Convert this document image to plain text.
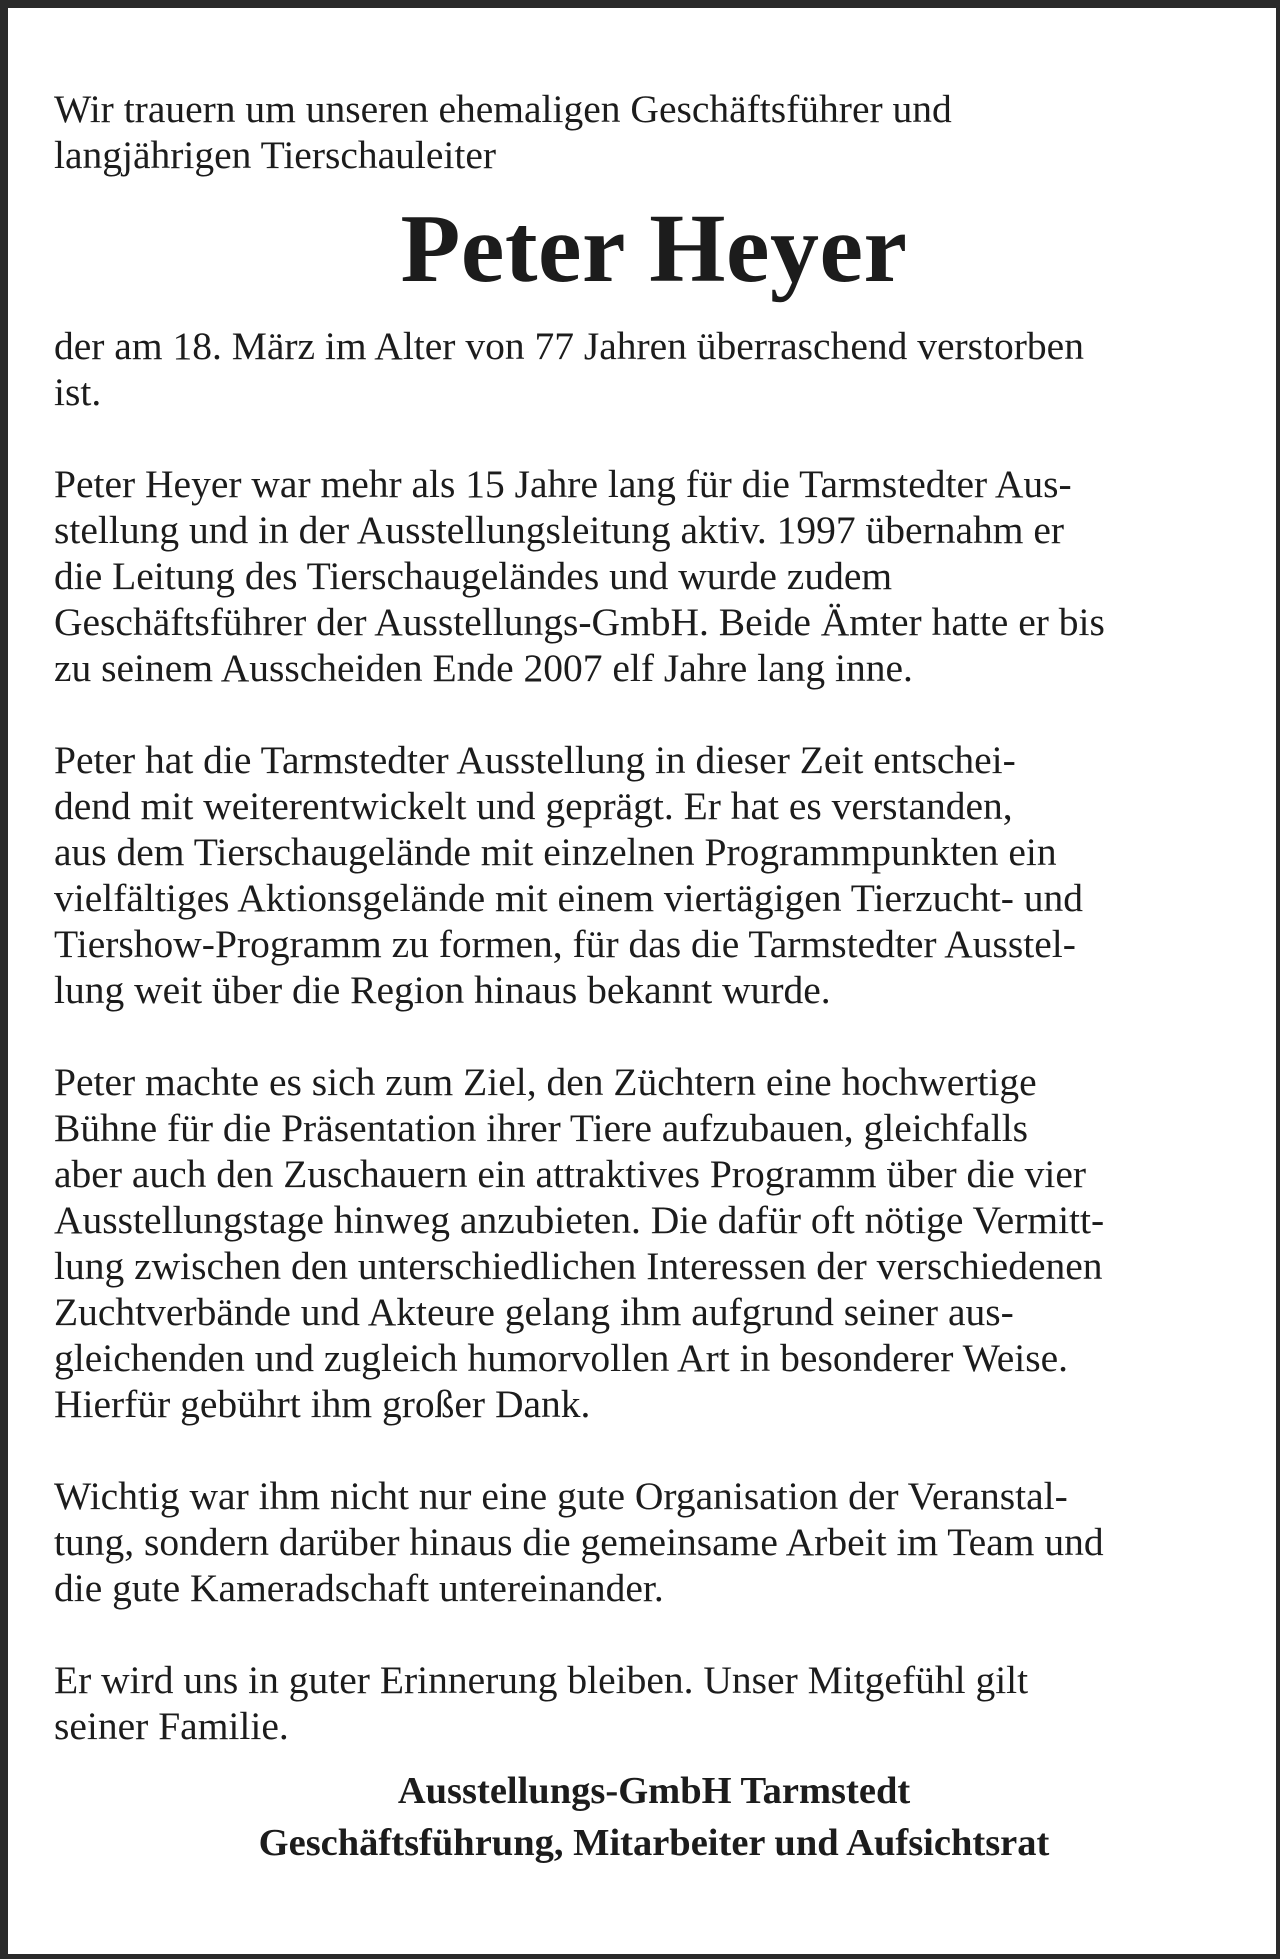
Wir trauern um unseren ehemaligen Geschäftsführer und
langjährigen Tierschauleiter

Peter Heyer

der am 18. März im Alter von 77 Jahren überraschend verstorben
ist.

Peter Heyer war mehr als 15 Jahre lang für die Tarmstedter Aus-
stellung und in der Ausstellungsleitung aktiv. 1997 übernahm er
die Leitung des Tierschaugeländes und wurde zudem
Geschäftsführer der Ausstellungs-GmbH. Beide Ämter hatte er bis
zu seinem Ausscheiden Ende 2007 elf Jahre lang inne.

Peter hat die Tarmstedter Ausstellung in dieser Zeit entschei-
dend mit weiterentwickelt und geprägt. Er hat es verstanden,
aus dem Tierschaugelände mit einzelnen Programmpunkten ein
vielfältiges Aktionsgelände mit einem viertägigen Tierzucht- und
Tiershow-Programm zu formen, für das die Tarmstedter Ausstel-
lung weit über die Region hinaus bekannt wurde.

Peter machte es sich zum Ziel, den Züchtern eine hochwertige
Bühne für die Präsentation ihrer Tiere aufzubauen, gleichfalls
aber auch den Zuschauern ein attraktives Programm über die vier
Ausstellungstage hinweg anzubieten. Die dafür oft nötige Vermitt-
lung zwischen den unterschiedlichen Interessen der verschiedenen
Zuchtverbände und Akteure gelang ihm aufgrund seiner aus-
gleichenden und zugleich humorvollen Art in besonderer Weise.
Hierfür gebührt ihm großer Dank.

Wichtig war ihm nicht nur eine gute Organisation der Veranstal-
tung, sondern darüber hinaus die gemeinsame Arbeit im Team und
die gute Kameradschaft untereinander.

Er wird uns in guter Erinnerung bleiben. Unser Mitgefühl gilt
seiner Familie.

Ausstellungs-GmbH Tarmstedt
Geschäftsführung, Mitarbeiter und Aufsichtsrat
